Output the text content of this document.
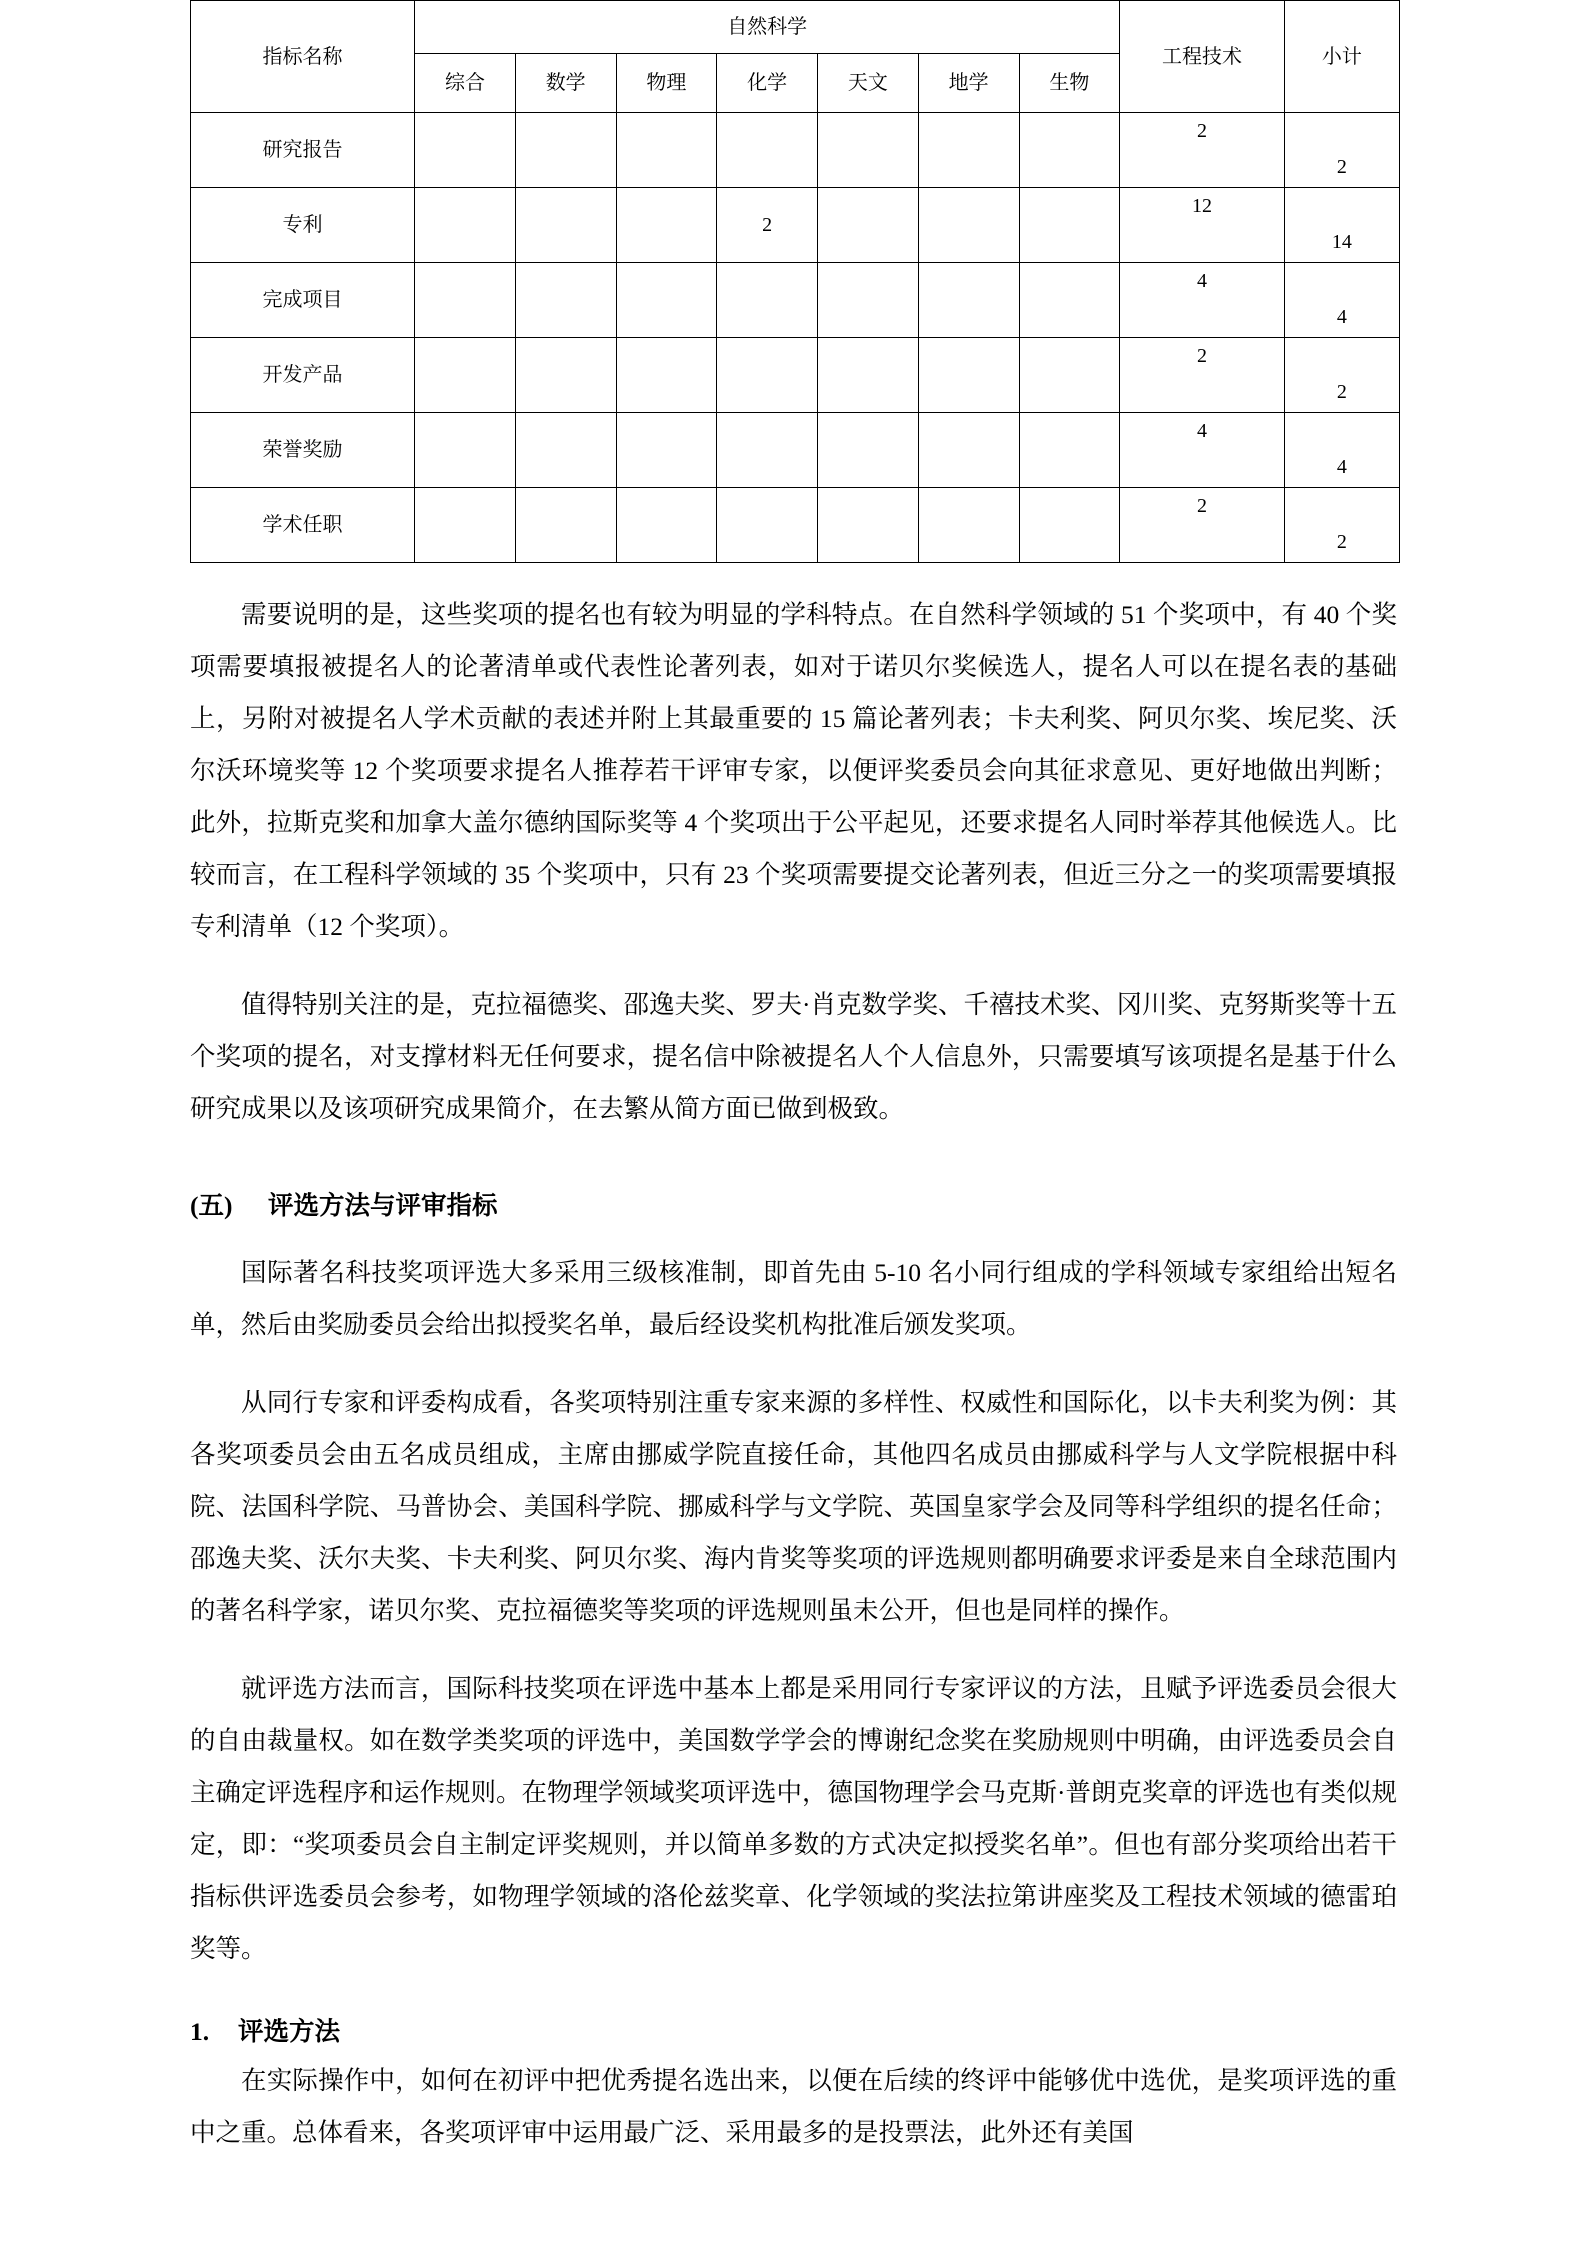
指标名称	自然科学							工程技术	小计
	综合	数学	物理	化学	天文	地学	生物		
研究报告								2	2
专利				2				12	14
完成项目								4	4
开发产品								2	2
荣誉奖励								4	4
学术任职								2	2

需要说明的是，这些奖项的提名也有较为明显的学科特点。在自然科学领域的 51 个奖项中，有 40 个奖项需要填报被提名人的论著清单或代表性论著列表，如对于诺贝尔奖候选人，提名人可以在提名表的基础上，另附对被提名人学术贡献的表述并附上其最重要的 15 篇论著列表；卡夫利奖、阿贝尔奖、埃尼奖、沃尔沃环境奖等 12 个奖项要求提名人推荐若干评审专家，以便评奖委员会向其征求意见、更好地做出判断；此外，拉斯克奖和加拿大盖尔德纳国际奖等 4 个奖项出于公平起见，还要求提名人同时举荐其他候选人。比较而言，在工程科学领域的 35 个奖项中，只有 23 个奖项需要提交论著列表，但近三分之一的奖项需要填报专利清单（12 个奖项）。

值得特别关注的是，克拉福德奖、邵逸夫奖、罗夫·肖克数学奖、千禧技术奖、冈川奖、克努斯奖等十五个奖项的提名，对支撑材料无任何要求，提名信中除被提名人个人信息外，只需要填写该项提名是基于什么研究成果以及该项研究成果简介，在去繁从简方面已做到极致。

(五) 评选方法与评审指标

国际著名科技奖项评选大多采用三级核准制，即首先由 5-10 名小同行组成的学科领域专家组给出短名单，然后由奖励委员会给出拟授奖名单，最后经设奖机构批准后颁发奖项。

从同行专家和评委构成看，各奖项特别注重专家来源的多样性、权威性和国际化，以卡夫利奖为例：其各奖项委员会由五名成员组成，主席由挪威学院直接任命，其他四名成员由挪威科学与人文学院根据中科院、法国科学院、马普协会、美国科学院、挪威科学与文学院、英国皇家学会及同等科学组织的提名任命；邵逸夫奖、沃尔夫奖、卡夫利奖、阿贝尔奖、海内肯奖等奖项的评选规则都明确要求评委是来自全球范围内的著名科学家，诺贝尔奖、克拉福德奖等奖项的评选规则虽未公开，但也是同样的操作。

就评选方法而言，国际科技奖项在评选中基本上都是采用同行专家评议的方法，且赋予评选委员会很大的自由裁量权。如在数学类奖项的评选中，美国数学学会的博谢纪念奖在奖励规则中明确，由评选委员会自主确定评选程序和运作规则。在物理学领域奖项评选中，德国物理学会马克斯·普朗克奖章的评选也有类似规定，即：“奖项委员会自主制定评奖规则，并以简单多数的方式决定拟授奖名单”。但也有部分奖项给出若干指标供评选委员会参考，如物理学领域的洛伦兹奖章、化学领域的奖法拉第讲座奖及工程技术领域的德雷珀奖等。

1. 评选方法

在实际操作中，如何在初评中把优秀提名选出来，以便在后续的终评中能够优中选优，是奖项评选的重中之重。总体看来，各奖项评审中运用最广泛、采用最多的是投票法，此外还有美国
